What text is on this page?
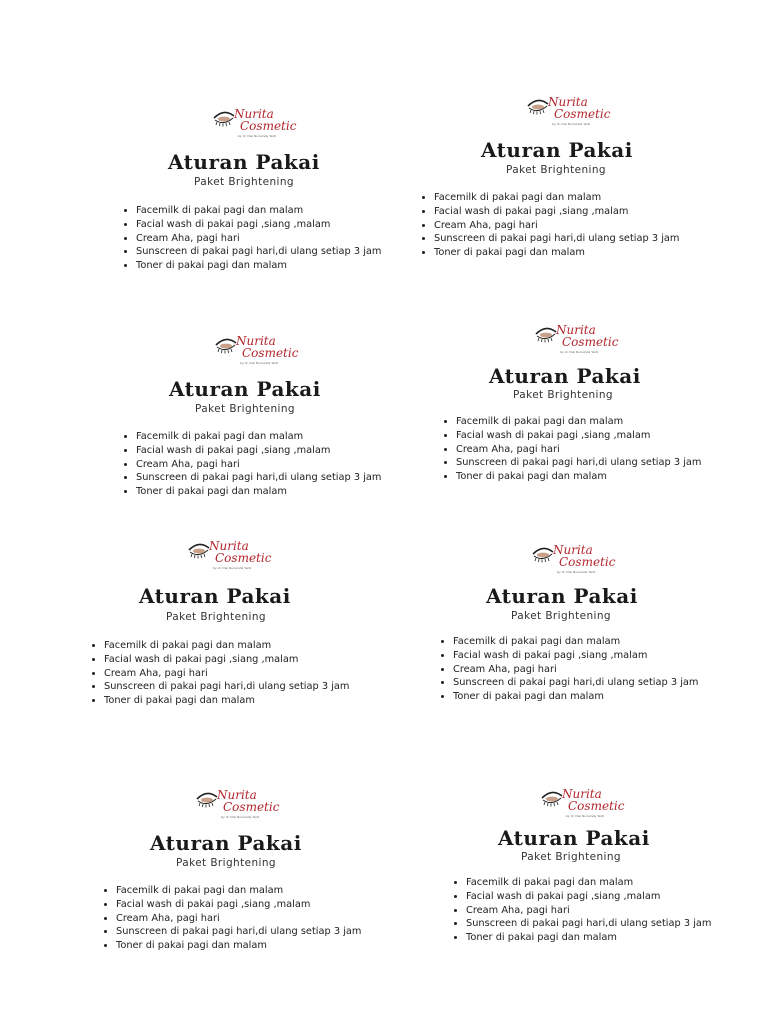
Nurita
Cosmetic
by dr. Dwi Nurwinda Yanti
Aturan Pakai
Paket Brightening
• Facemilk di pakai pagi dan malam
• Facial wash di pakai pagi ,siang ,malam
• Cream Aha, pagi hari
• Sunscreen di pakai pagi hari,di ulang setiap 3 jam
• Toner di pakai pagi dan malam
Nurita
Cosmetic
by dr. Dwi Nurwinda Yanti
Aturan Pakai
Paket Brightening
• Facemilk di pakai pagi dan malam
• Facial wash di pakai pagi ,siang ,malam
• Cream Aha, pagi hari
• Sunscreen di pakai pagi hari,di ulang setiap 3 jam
• Toner di pakai pagi dan malam
Nurita
Cosmetic
by dr. Dwi Nurwinda Yanti
Aturan Pakai
Paket Brightening
• Facemilk di pakai pagi dan malam
• Facial wash di pakai pagi ,siang ,malam
• Cream Aha, pagi hari
• Sunscreen di pakai pagi hari,di ulang setiap 3 jam
• Toner di pakai pagi dan malam
Nurita
Cosmetic
by dr. Dwi Nurwinda Yanti
Aturan Pakai
Paket Brightening
• Facemilk di pakai pagi dan malam
• Facial wash di pakai pagi ,siang ,malam
• Cream Aha, pagi hari
• Sunscreen di pakai pagi hari,di ulang setiap 3 jam
• Toner di pakai pagi dan malam
Nurita
Cosmetic
by dr. Dwi Nurwinda Yanti
Aturan Pakai
Paket Brightening
• Facemilk di pakai pagi dan malam
• Facial wash di pakai pagi ,siang ,malam
• Cream Aha, pagi hari
• Sunscreen di pakai pagi hari,di ulang setiap 3 jam
• Toner di pakai pagi dan malam
Nurita
Cosmetic
by dr. Dwi Nurwinda Yanti
Aturan Pakai
Paket Brightening
• Facemilk di pakai pagi dan malam
• Facial wash di pakai pagi ,siang ,malam
• Cream Aha, pagi hari
• Sunscreen di pakai pagi hari,di ulang setiap 3 jam
• Toner di pakai pagi dan malam
Nurita
Cosmetic
by dr. Dwi Nurwinda Yanti
Aturan Pakai
Paket Brightening
• Facemilk di pakai pagi dan malam
• Facial wash di pakai pagi ,siang ,malam
• Cream Aha, pagi hari
• Sunscreen di pakai pagi hari,di ulang setiap 3 jam
• Toner di pakai pagi dan malam
Nurita
Cosmetic
by dr. Dwi Nurwinda Yanti
Aturan Pakai
Paket Brightening
• Facemilk di pakai pagi dan malam
• Facial wash di pakai pagi ,siang ,malam
• Cream Aha, pagi hari
• Sunscreen di pakai pagi hari,di ulang setiap 3 jam
• Toner di pakai pagi dan malam
